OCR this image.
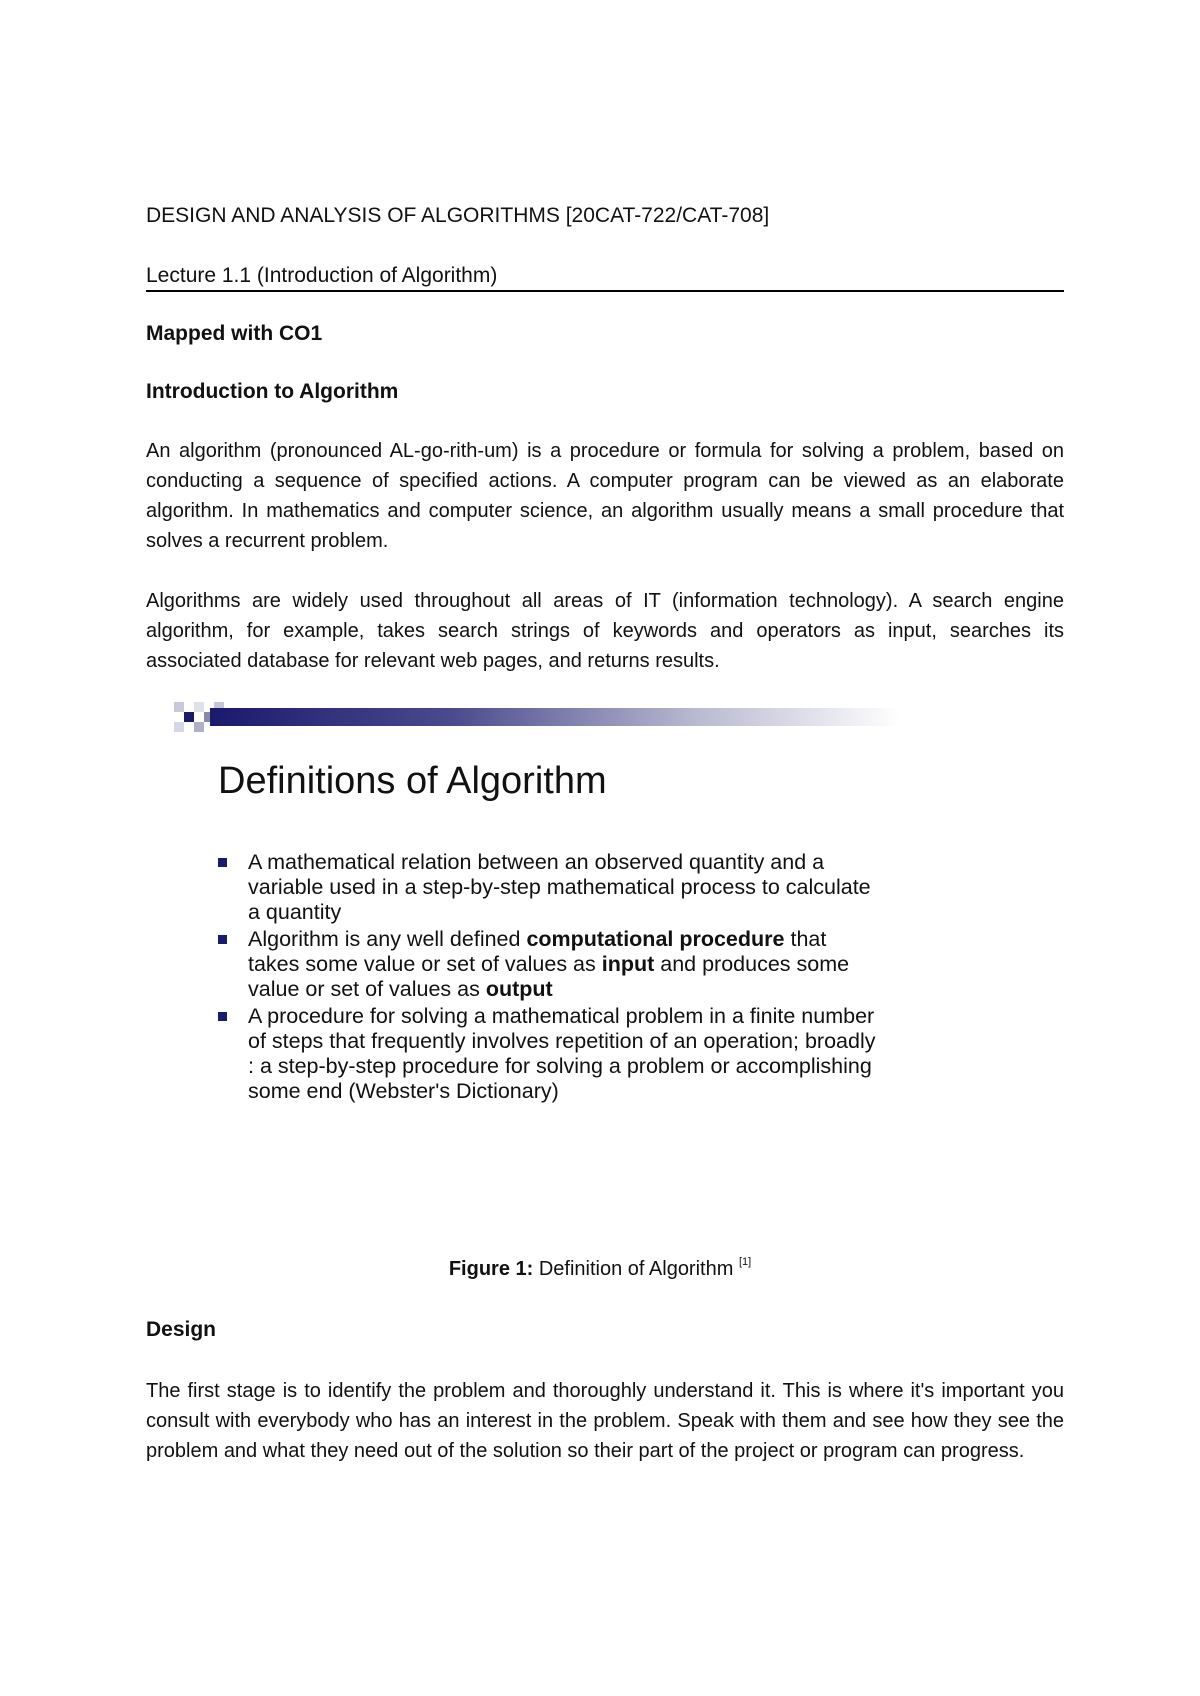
DESIGN AND ANALYSIS OF ALGORITHMS [20CAT-722/CAT-708]
Lecture 1.1 (Introduction of Algorithm)
Mapped with CO1
Introduction to Algorithm
An algorithm (pronounced AL-go-rith-um) is a procedure or formula for solving a problem, based on conducting a sequence of specified actions. A computer program can be viewed as an elaborate algorithm. In mathematics and computer science, an algorithm usually means a small procedure that solves a recurrent problem.
Algorithms are widely used throughout all areas of IT (information technology). A search engine algorithm, for example, takes search strings of keywords and operators as input, searches its associated database for relevant web pages, and returns results.
Definitions of Algorithm
A mathematical relation between an observed quantity and a variable used in a step-by-step mathematical process to calculate a quantity
Algorithm is any well defined computational procedure that takes some value or set of values as input and produces some value or set of values as output
A procedure for solving a mathematical problem in a finite number of steps that frequently involves repetition of an operation; broadly : a step-by-step procedure for solving a problem or accomplishing some end (Webster's Dictionary)
Figure 1: Definition of Algorithm [1]
Design
The first stage is to identify the problem and thoroughly understand it. This is where it's important you consult with everybody who has an interest in the problem. Speak with them and see how they see the problem and what they need out of the solution so their part of the project or program can progress.
